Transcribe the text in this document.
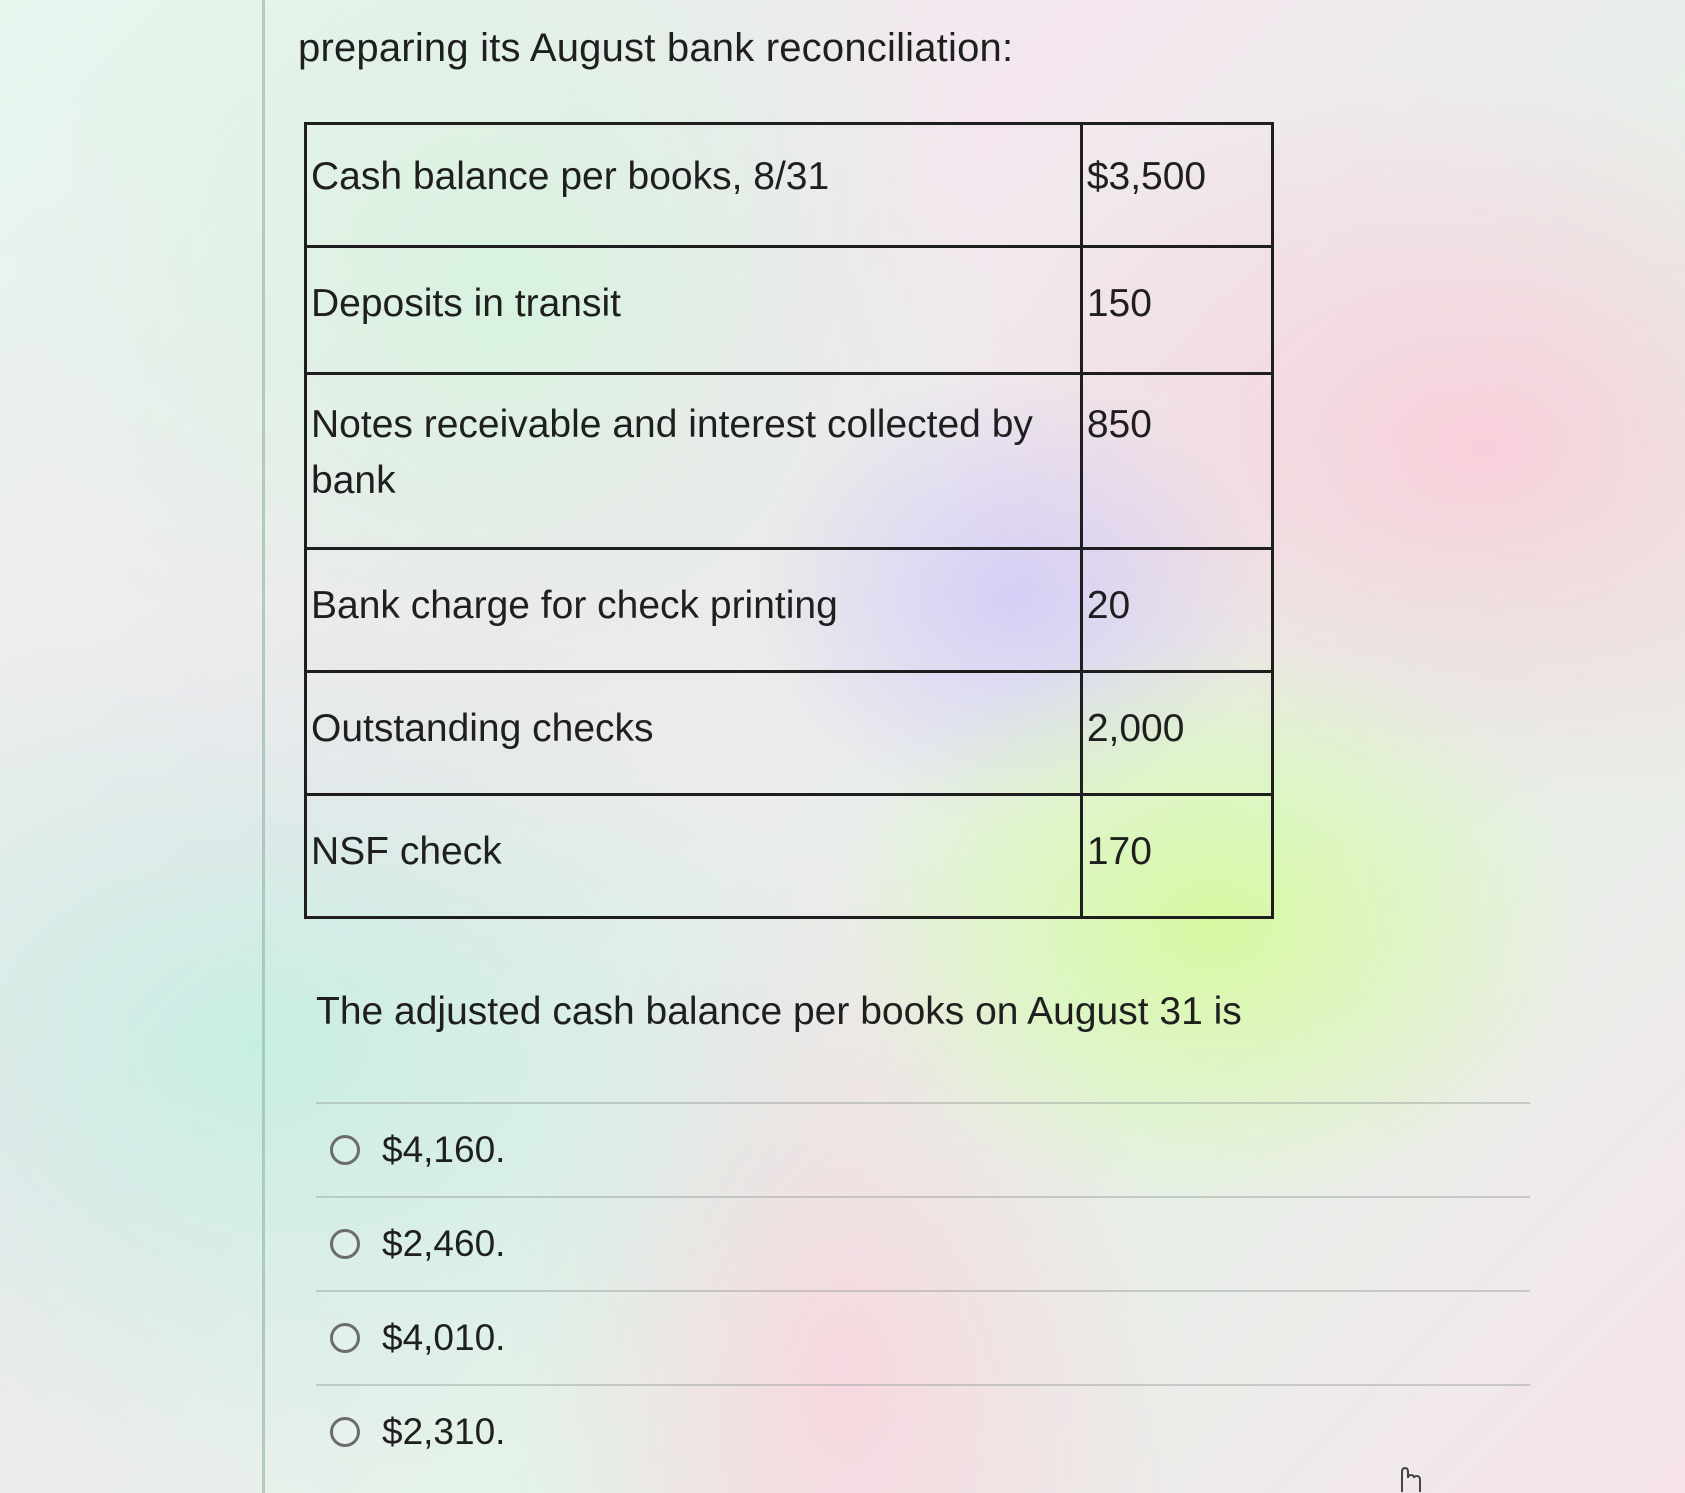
preparing its August bank reconciliation:
Cash balance per books, 8/31	$3,500
Deposits in transit	150
Notes receivable and interest collected by bank	850
Bank charge for check printing	20
Outstanding checks	2,000
NSF check	170
The adjusted cash balance per books on August 31 is
$4,160.
$2,460.
$4,010.
$2,310.
